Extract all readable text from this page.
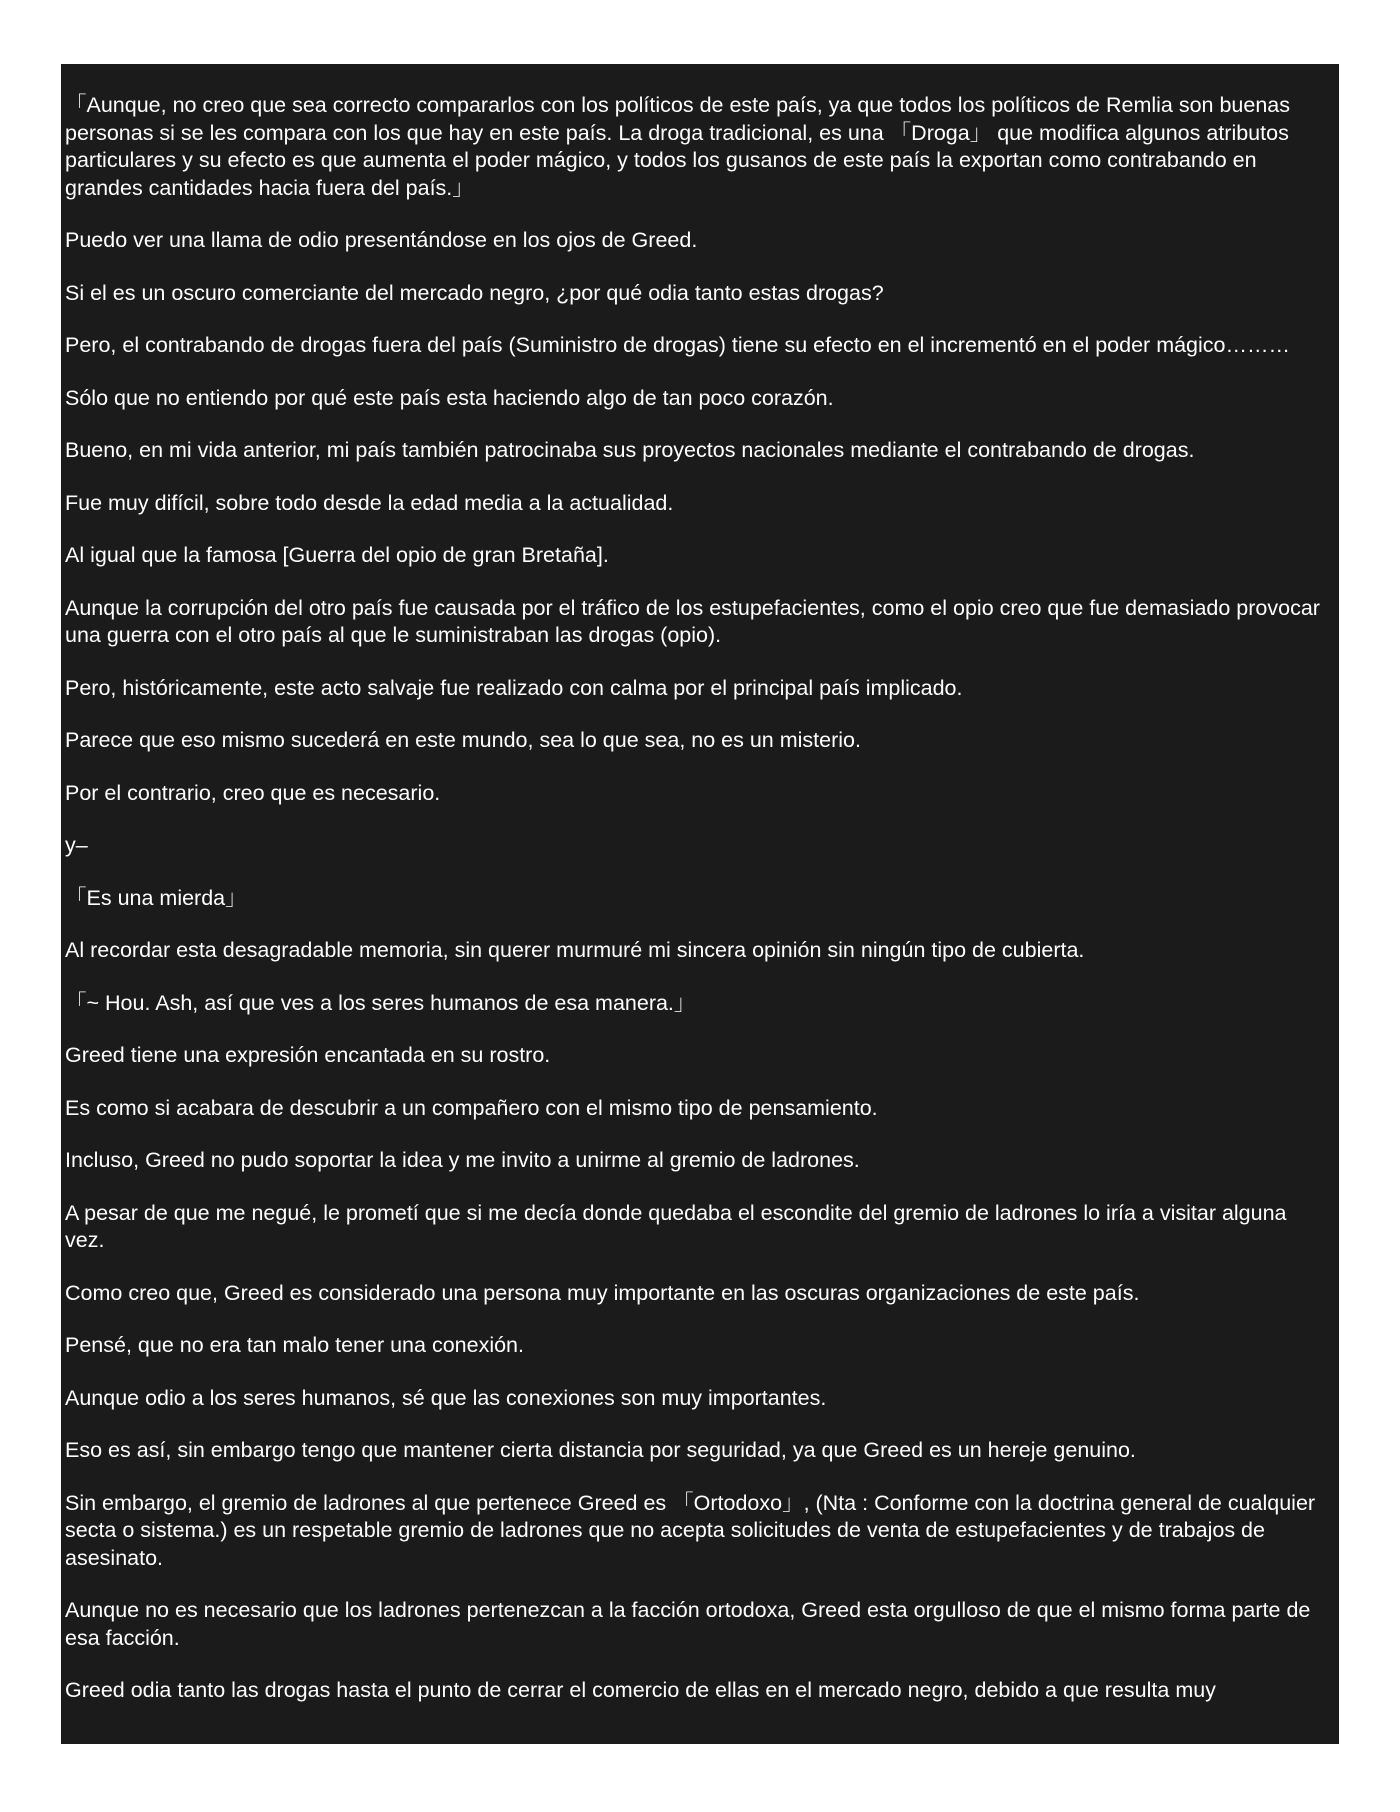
「Aunque, no creo que sea correcto compararlos con los políticos de este país, ya que todos los políticos de Remlia son buenas personas si se les compara con los que hay en este país. La droga tradicional, es una 「Droga」 que modifica algunos atributos particulares y su efecto es que aumenta el poder mágico, y todos los gusanos de este país la exportan como contrabando en grandes cantidades hacia fuera del país.」

Puedo ver una llama de odio presentándose en los ojos de Greed.

Si el es un oscuro comerciante del mercado negro, ¿por qué odia tanto estas drogas?

Pero, el contrabando de drogas fuera del país (Suministro de drogas) tiene su efecto en el incrementó en el poder mágico………

Sólo que no entiendo por qué este país esta haciendo algo de tan poco corazón.

Bueno, en mi vida anterior, mi país también patrocinaba sus proyectos nacionales mediante el contrabando de drogas.

Fue muy difícil, sobre todo desde la edad media a la actualidad.

Al igual que la famosa [Guerra del opio de gran Bretaña].

Aunque la corrupción del otro país fue causada por el tráfico de los estupefacientes, como el opio creo que fue demasiado provocar una guerra con el otro país al que le suministraban las drogas (opio).

Pero, históricamente, este acto salvaje fue realizado con calma por el principal país implicado.

Parece que eso mismo sucederá en este mundo, sea lo que sea, no es un misterio.

Por el contrario, creo que es necesario.

y–

「Es una mierda」

Al recordar esta desagradable memoria, sin querer murmuré mi sincera opinión sin ningún tipo de cubierta.

「~ Hou. Ash, así que ves a los seres humanos de esa manera.」

Greed tiene una expresión encantada en su rostro.

Es como si acabara de descubrir a un compañero con el mismo tipo de pensamiento.

Incluso, Greed no pudo soportar la idea y me invito a unirme al gremio de ladrones.

A pesar de que me negué, le prometí que si me decía donde quedaba el escondite del gremio de ladrones lo iría a visitar alguna vez.

Como creo que, Greed es considerado una persona muy importante en las oscuras organizaciones de este país.

Pensé, que no era tan malo tener una conexión.

Aunque odio a los seres humanos, sé que las conexiones son muy importantes.

Eso es así, sin embargo tengo que mantener cierta distancia por seguridad, ya que Greed es un hereje genuino.

Sin embargo, el gremio de ladrones al que pertenece Greed es 「Ortodoxo」, (Nta : Conforme con la doctrina general de cualquier secta o sistema.) es un respetable gremio de ladrones que no acepta solicitudes de venta de estupefacientes y de trabajos de asesinato.

Aunque no es necesario que los ladrones pertenezcan a la facción ortodoxa, Greed esta orgulloso de que el mismo forma parte de esa facción.

Greed odia tanto las drogas hasta el punto de cerrar el comercio de ellas en el mercado negro, debido a que resulta muy
